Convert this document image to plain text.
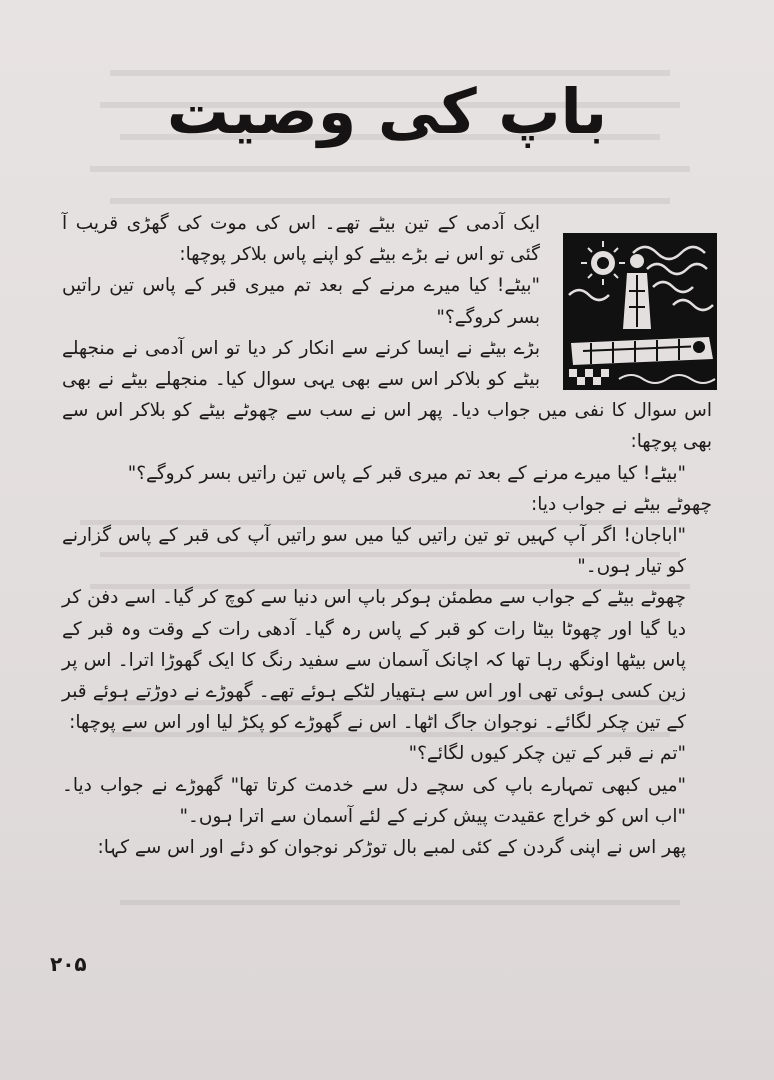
باپ کی وصیت

ایک آدمی کے تین بیٹے تھے۔ اس کی موت کی گھڑی قریب آ گئی تو اس نے بڑے بیٹے کو اپنے پاس بلاکر پوچھا:

"بیٹے! کیا میرے مرنے کے بعد تم میری قبر کے پاس تین راتیں بسر کروگے؟"

بڑے بیٹے نے ایسا کرنے سے انکار کر دیا تو اس آدمی نے منجھلے بیٹے کو بلاکر اس سے بھی یہی سوال کیا۔ منجھلے بیٹے نے بھی اس سوال کا نفی میں جواب دیا۔ پھر اس نے سب سے چھوٹے بیٹے کو بلاکر اس سے بھی پوچھا:

"بیٹے! کیا میرے مرنے کے بعد تم میری قبر کے پاس تین راتیں بسر کروگے؟"

چھوٹے بیٹے نے جواب دیا:

"اباجان! اگر آپ کہیں تو تین راتیں کیا میں سو راتیں آپ کی قبر کے پاس گزارنے کو تیار ہوں۔"

چھوٹے بیٹے کے جواب سے مطمئن ہوکر باپ اس دنیا سے کوچ کر گیا۔ اسے دفن کر دیا گیا اور چھوٹا بیٹا رات کو قبر کے پاس رہ گیا۔ آدھی رات کے وقت وہ قبر کے پاس بیٹھا اونگھ رہا تھا کہ اچانک آسمان سے سفید رنگ کا ایک گھوڑا اترا۔ اس پر زین کسی ہوئی تھی اور اس سے ہتھیار لٹکے ہوئے تھے۔ گھوڑے نے دوڑتے ہوئے قبر کے تین چکر لگائے۔ نوجوان جاگ اٹھا۔ اس نے گھوڑے کو پکڑ لیا اور اس سے پوچھا:

"تم نے قبر کے تین چکر کیوں لگائے؟"

"میں کبھی تمہارے باپ کی سچے دل سے خدمت کرتا تھا" گھوڑے نے جواب دیا۔ "اب اس کو خراج عقیدت پیش کرنے کے لئے آسمان سے اترا ہوں۔"

پھر اس نے اپنی گردن کے کئی لمبے بال توڑکر نوجوان کو دئے اور اس سے کہا:

۲۰۵
